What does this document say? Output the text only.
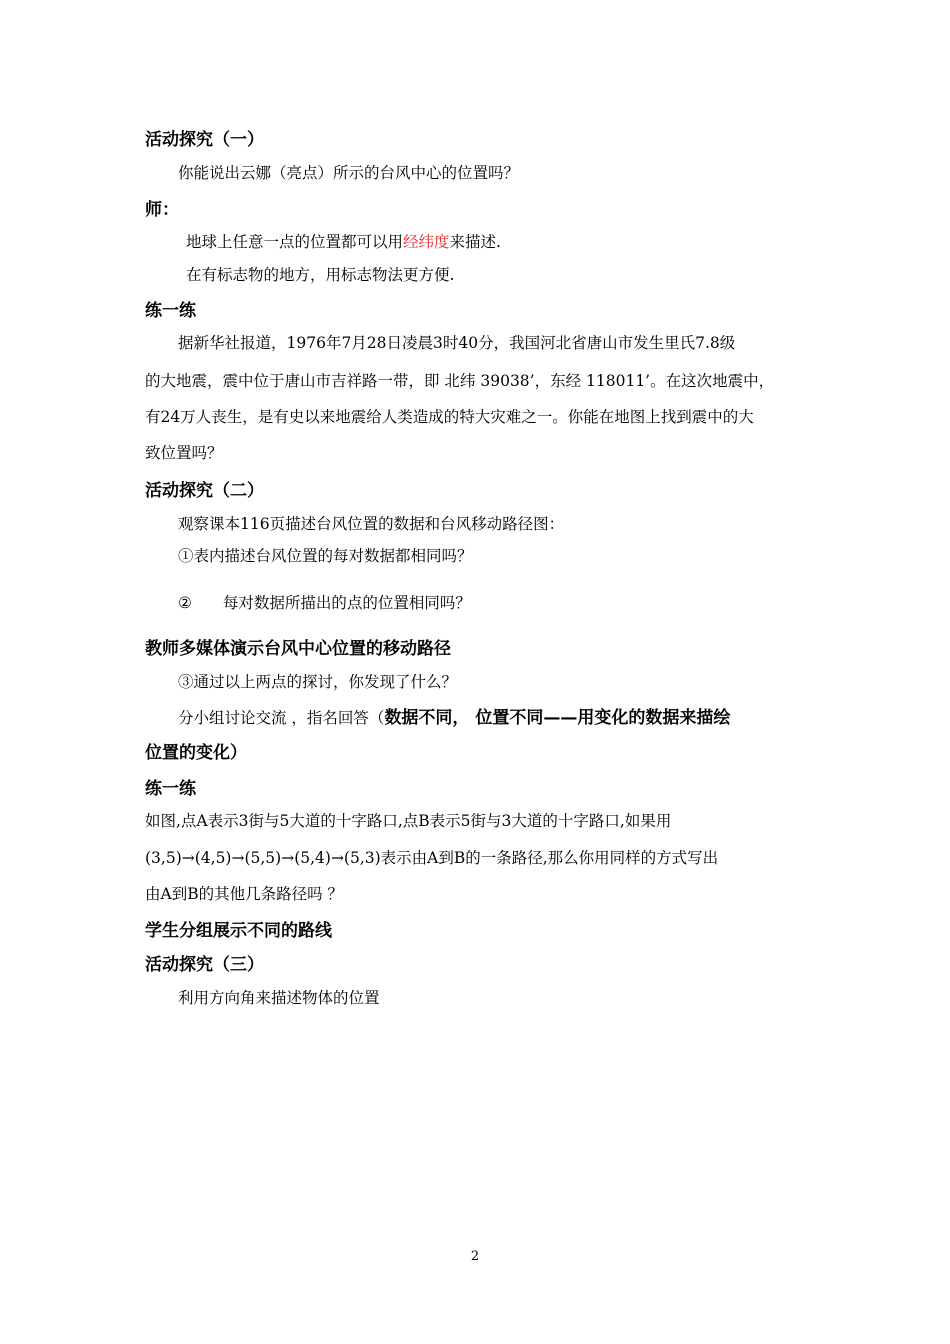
活动探究（一）
你能说出云娜（亮点）所示的台风中心的位置吗？
师：
地球上任意一点的位置都可以用经纬度来描述.
在有标志物的地方，用标志物法更方便.
练一练
据新华社报道，1976年7月28日凌晨3时40分，我国河北省唐山市发生里氏7.8级
的大地震，震中位于唐山市吉祥路一带，即 北纬 39038’，东经 118011’。在这次地震中，
有24万人丧生，是有史以来地震给人类造成的特大灾难之一。你能在地图上找到震中的大
致位置吗？
活动探究（二）
观察课本116页描述台风位置的数据和台风移动路径图：
①表内描述台风位置的每对数据都相同吗？
② 每对数据所描出的点的位置相同吗？
教师多媒体演示台风中心位置的移动路径
③通过以上两点的探讨，你发现了什么？
分小组讨论交流 ，指名回答（数据不同， 位置不同——用变化的数据来描绘
位置的变化）
练一练
如图,点A表示3街与5大道的十字路口,点B表示5街与3大道的十字路口,如果用
(3,5)→(4,5)→(5,5)→(5,4)→(5,3)表示由A到B的一条路径,那么你用同样的方式写出
由A到B的其他几条路径吗 ？
学生分组展示不同的路线
活动探究（三）
利用方向角来描述物体的位置
2
